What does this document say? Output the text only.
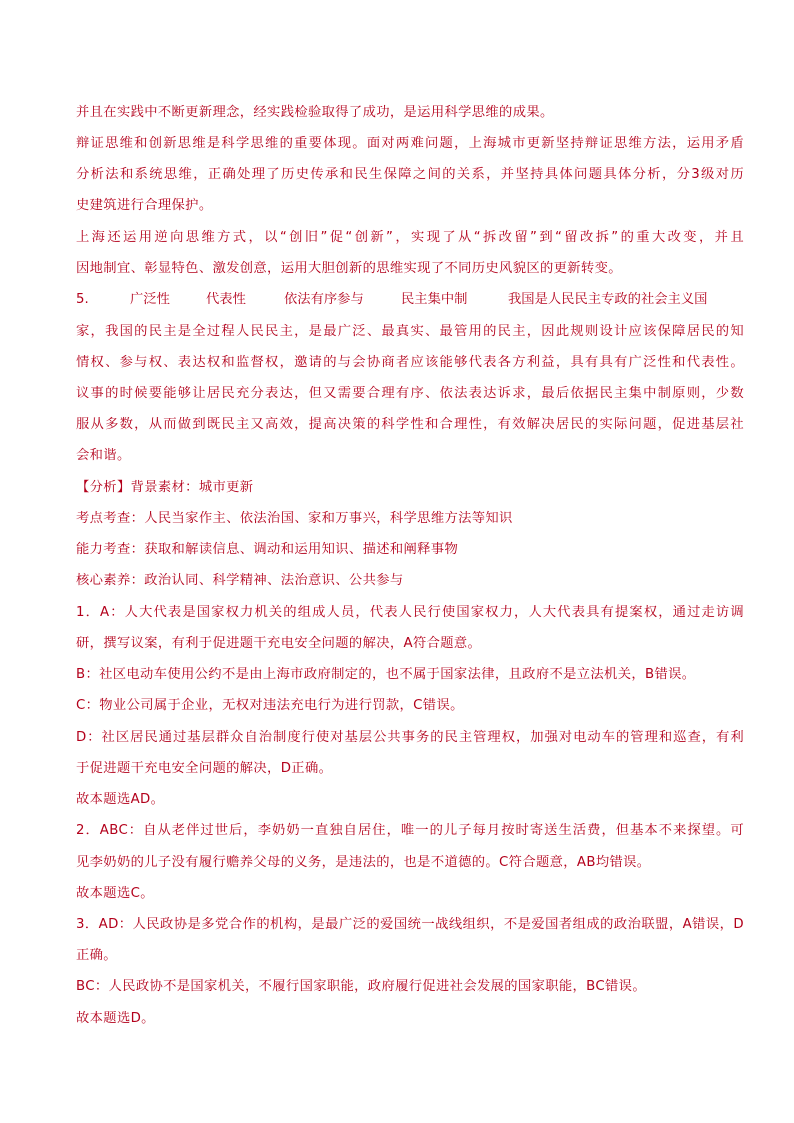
并且在实践中不断更新理念，经实践检验取得了成功，是运用科学思维的成果。
辩证思维和创新思维是科学思维的重要体现。面对两难问题，上海城市更新坚持辩证思维方法，运用矛盾
分析法和系统思维，正确处理了历史传承和民生保障之间的关系，并坚持具体问题具体分析，分3级对历
史建筑进行合理保护。
上海还运用逆向思维方式，以“创旧”促“创新”，实现了从“拆改留”到“留改拆”的重大改变，并且
因地制宜、彰显特色、激发创意，运用大胆创新的思维实现了不同历史风貌区的更新转变。
5.	广泛性	代表性	依法有序参与	民主集中制	我国是人民民主专政的社会主义国
家，我国的民主是全过程人民民主，是最广泛、最真实、最管用的民主，因此规则设计应该保障居民的知
情权、参与权、表达权和监督权，邀请的与会协商者应该能够代表各方利益，具有具有广泛性和代表性。
议事的时候要能够让居民充分表达，但又需要合理有序、依法表达诉求，最后依据民主集中制原则，少数
服从多数，从而做到既民主又高效，提高决策的科学性和合理性，有效解决居民的实际问题，促进基层社
会和谐。
【分析】背景素材：城市更新
考点考查：人民当家作主、依法治国、家和万事兴，科学思维方法等知识
能力考查：获取和解读信息、调动和运用知识、描述和阐释事物
核心素养：政治认同、科学精神、法治意识、公共参与
1．A：人大代表是国家权力机关的组成人员，代表人民行使国家权力，人大代表具有提案权，通过走访调
研，撰写议案，有利于促进题干充电安全问题的解决，A符合题意。
B：社区电动车使用公约不是由上海市政府制定的，也不属于国家法律，且政府不是立法机关，B错误。
C：物业公司属于企业，无权对违法充电行为进行罚款，C错误。
D：社区居民通过基层群众自治制度行使对基层公共事务的民主管理权，加强对电动车的管理和巡查，有利
于促进题干充电安全问题的解决，D正确。
故本题选AD。
2．ABC：自从老伴过世后，李奶奶一直独自居住，唯一的儿子每月按时寄送生活费，但基本不来探望。可
见李奶奶的儿子没有履行赡养父母的义务，是违法的，也是不道德的。C符合题意，AB均错误。
故本题选C。
3．AD：人民政协是多党合作的机构，是最广泛的爱国统一战线组织，不是爱国者组成的政治联盟，A错误，D
正确。
BC：人民政协不是国家机关，不履行国家职能，政府履行促进社会发展的国家职能，BC错误。
故本题选D。
